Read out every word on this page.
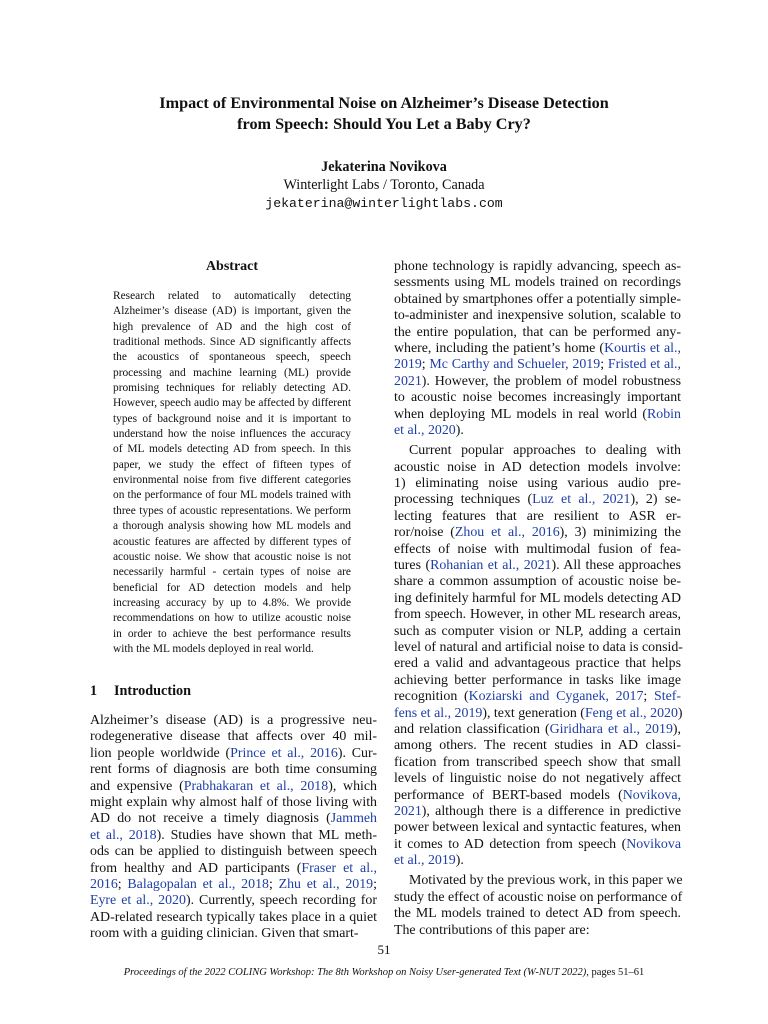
Impact of Environmental Noise on Alzheimer’s Disease Detection
from Speech: Should You Let a Baby Cry?
Jekaterina Novikova
Winterlight Labs / Toronto, Canada
jekaterina@winterlightlabs.com
Abstract

Research related to automatically detecting Alzheimer’s disease (AD) is important, given the high prevalence of AD and the high cost of traditional methods. Since AD significantly affects the acoustics of spontaneous speech, speech processing and machine learning (ML) provide promising techniques for reliably detecting AD. However, speech audio may be affected by different types of background noise and it is important to understand how the noise influences the accuracy of ML models detecting AD from speech. In this paper, we study the effect of fifteen types of environmental noise from five different categories on the performance of four ML models trained with three types of acoustic representations. We perform a thorough analysis showing how ML models and acoustic features are affected by different types of acoustic noise. We show that acoustic noise is not necessarily harmful - certain types of noise are beneficial for AD detection models and help increasing accuracy by up to 4.8%. We provide recommendations on how to utilize acoustic noise in order to achieve the best performance results with the ML models deployed in real world.

1 Introduction
Alzheimer’s disease (AD) is a progressive neu-
rodegenerative disease that affects over 40 mil-
lion people worldwide (Prince et al., 2016). Cur-
rent forms of diagnosis are both time consuming
and expensive (Prabhakaran et al., 2018), which
might explain why almost half of those living with
AD do not receive a timely diagnosis (Jammeh
et al., 2018). Studies have shown that ML meth-
ods can be applied to distinguish between speech
from healthy and AD participants (Fraser et al.,
2016; Balagopalan et al., 2018; Zhu et al., 2019;
Eyre et al., 2020). Currently, speech recording for
AD-related research typically takes place in a quiet
room with a guiding clinician. Given that smart-
phone technology is rapidly advancing, speech as-
sessments using ML models trained on recordings
obtained by smartphones offer a potentially simple-
to-administer and inexpensive solution, scalable to
the entire population, that can be performed any-
where, including the patient’s home (Kourtis et al.,
2019; Mc Carthy and Schueler, 2019; Fristed et al.,
2021). However, the problem of model robustness
to acoustic noise becomes increasingly important
when deploying ML models in real world (Robin
et al., 2020).
Current popular approaches to dealing with
acoustic noise in AD detection models involve:
1) eliminating noise using various audio pre-
processing techniques (Luz et al., 2021), 2) se-
lecting features that are resilient to ASR er-
ror/noise (Zhou et al., 2016), 3) minimizing the
effects of noise with multimodal fusion of fea-
tures (Rohanian et al., 2021). All these approaches
share a common assumption of acoustic noise be-
ing definitely harmful for ML models detecting AD
from speech. However, in other ML research areas,
such as computer vision or NLP, adding a certain
level of natural and artificial noise to data is consid-
ered a valid and advantageous practice that helps
achieving better performance in tasks like image
recognition (Koziarski and Cyganek, 2017; Stef-
fens et al., 2019), text generation (Feng et al., 2020)
and relation classification (Giridhara et al., 2019),
among others. The recent studies in AD classi-
fication from transcribed speech show that small
levels of linguistic noise do not negatively affect
performance of BERT-based models (Novikova,
2021), although there is a difference in predictive
power between lexical and syntactic features, when
it comes to AD detection from speech (Novikova
et al., 2019).
Motivated by the previous work, in this paper we
study the effect of acoustic noise on performance of
the ML models trained to detect AD from speech.
The contributions of this paper are:
51
Proceedings of the 2022 COLING Workshop: The 8th Workshop on Noisy User-generated Text (W-NUT 2022), pages 51–61
